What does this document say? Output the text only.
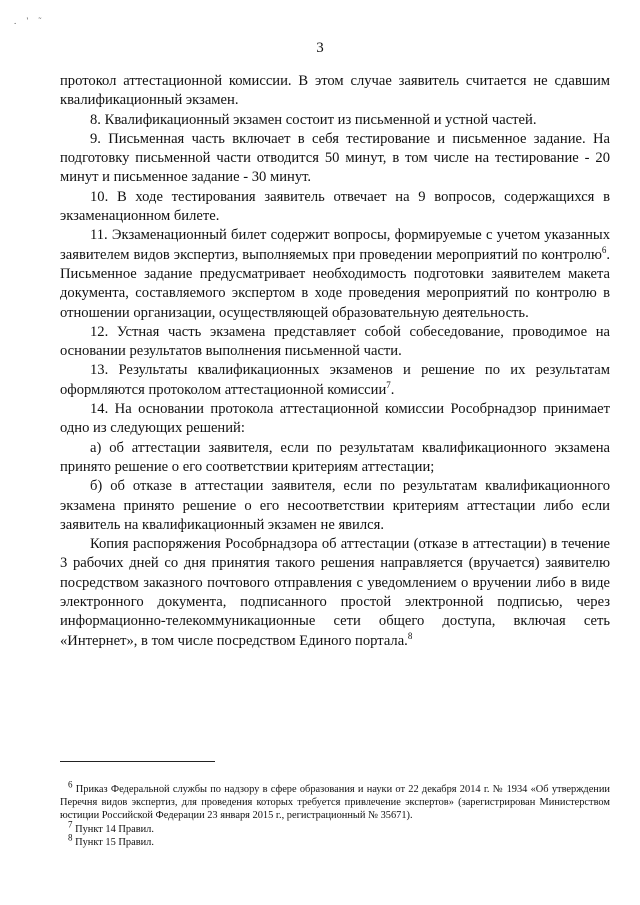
. ' ˜
3

протокол аттестационной комиссии. В этом случае заявитель считается не сдавшим квалификационный экзамен.

8. Квалификационный экзамен состоит из письменной и устной частей.

9. Письменная часть включает в себя тестирование и письменное задание. На подготовку письменной части отводится 50 минут, в том числе на тестирование - 20 минут и письменное задание - 30 минут.

10. В ходе тестирования заявитель отвечает на 9 вопросов, содержащихся в экзаменационном билете.

11. Экзаменационный билет содержит вопросы, формируемые с учетом указанных заявителем видов экспертиз, выполняемых при проведении мероприятий по контролю$^6$. Письменное задание предусматривает необходимость подготовки заявителем макета документа, составляемого экспертом в ходе проведения мероприятий по контролю в отношении организации, осуществляющей образовательную деятельность.

12. Устная часть экзамена представляет собой собеседование, проводимое на основании результатов выполнения письменной части.

13. Результаты квалификационных экзаменов и решение по их результатам оформляются протоколом аттестационной комиссии$^7$.

14. На основании протокола аттестационной комиссии Рособрнадзор принимает одно из следующих решений:

а) об аттестации заявителя, если по результатам квалификационного экзамена принято решение о его соответствии критериям аттестации;

б) об отказе в аттестации заявителя, если по результатам квалификационного экзамена принято решение о его несоответствии критериям аттестации либо если заявитель на квалификационный экзамен не явился.

Копия распоряжения Рособрнадзора об аттестации (отказе в аттестации) в течение 3 рабочих дней со дня принятия такого решения направляется (вручается) заявителю посредством заказного почтового отправления с уведомлением о вручении либо в виде электронного документа, подписанного простой электронной подписью, через информационно-телекоммуникационные сети общего доступа, включая сеть «Интернет», в том числе посредством Единого портала.$^8$

$^6$ Приказ Федеральной службы по надзору в сфере образования и науки от 22 декабря 2014 г. № 1934 «Об утверждении Перечня видов экспертиз, для проведения которых требуется привлечение экспертов» (зарегистрирован Министерством юстиции Российской Федерации 23 января 2015 г., регистрационный № 35671).

$^7$ Пункт 14 Правил.

$^8$ Пункт 15 Правил.
